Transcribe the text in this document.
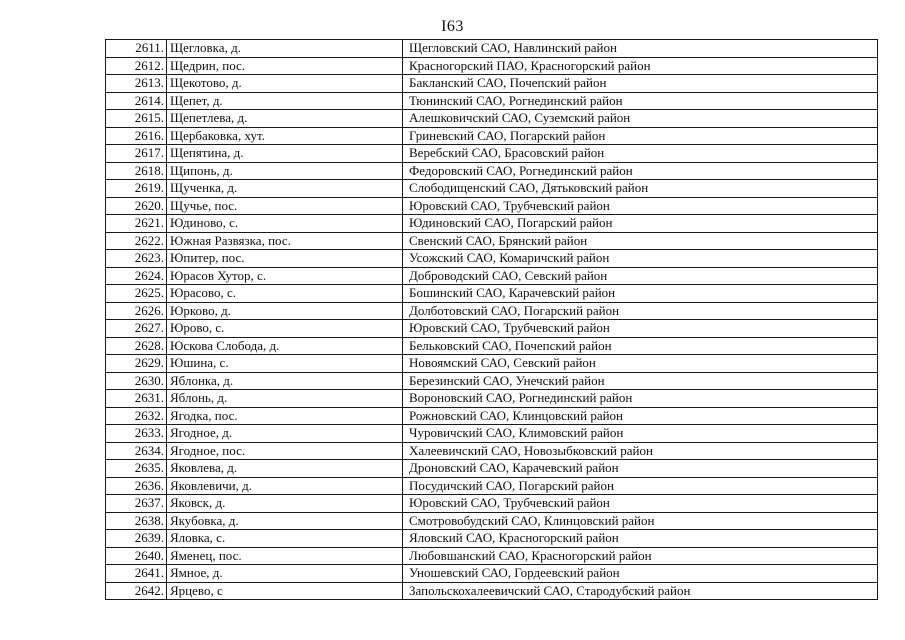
I63
2611.	Щегловка, д.	Щегловский САО, Навлинский район
2612.	Щедрин, пос.	Красногорский ПАО, Красногорский район
2613.	Щекотово, д.	Бакланский САО, Почепский район
2614.	Щепет, д.	Тюнинский САО, Рогнединский район
2615.	Щепетлева, д.	Алешковичский САО, Суземский район
2616.	Щербаковка, хут.	Гриневский САО, Погарский район
2617.	Щепятина, д.	Веребский САО, Брасовский район
2618.	Щипонь, д.	Федоровский САО, Рогнединский район
2619.	Щученка, д.	Слободищенский САО, Дятьковский район
2620.	Щучье, пос.	Юровский САО, Трубчевский район
2621.	Юдиново, с.	Юдиновский САО, Погарский район
2622.	Южная Развязка, пос.	Свенский САО, Брянский район
2623.	Юпитер, пос.	Усожский САО, Комаричский район
2624.	Юрасов Хутор, с.	Доброводский САО, Севский район
2625.	Юрасово, с.	Бошинский САО, Карачевский район
2626.	Юрково, д.	Долботовский САО, Погарский район
2627.	Юрово, с.	Юровский САО, Трубчевский район
2628.	Юскова Слобода, д.	Бельковский САО, Почепский район
2629.	Юшина, с.	Новоямский САО, Севский район
2630.	Яблонка, д.	Березинский САО, Унечский район
2631.	Яблонь, д.	Вороновский САО, Рогнединский район
2632.	Ягодка, пос.	Рожновский САО, Клинцовский район
2633.	Ягодное, д.	Чуровичский САО, Климовский район
2634.	Ягодное, пос.	Халеевичский САО, Новозыбковский район
2635.	Яковлева, д.	Дроновский САО, Карачевский район
2636.	Яковлевичи, д.	Посудичский САО, Погарский район
2637.	Яковск, д.	Юровский САО, Трубчевский район
2638.	Якубовка, д.	Смотровобудский САО, Клинцовский район
2639.	Яловка, с.	Яловский САО, Красногорский район
2640.	Яменец, пос.	Любовшанский САО, Красногорский район
2641.	Ямное, д.	Уношевский САО, Гордеевский район
2642.	Ярцево, с	Запольскохалеевичский САО, Стародубский район
